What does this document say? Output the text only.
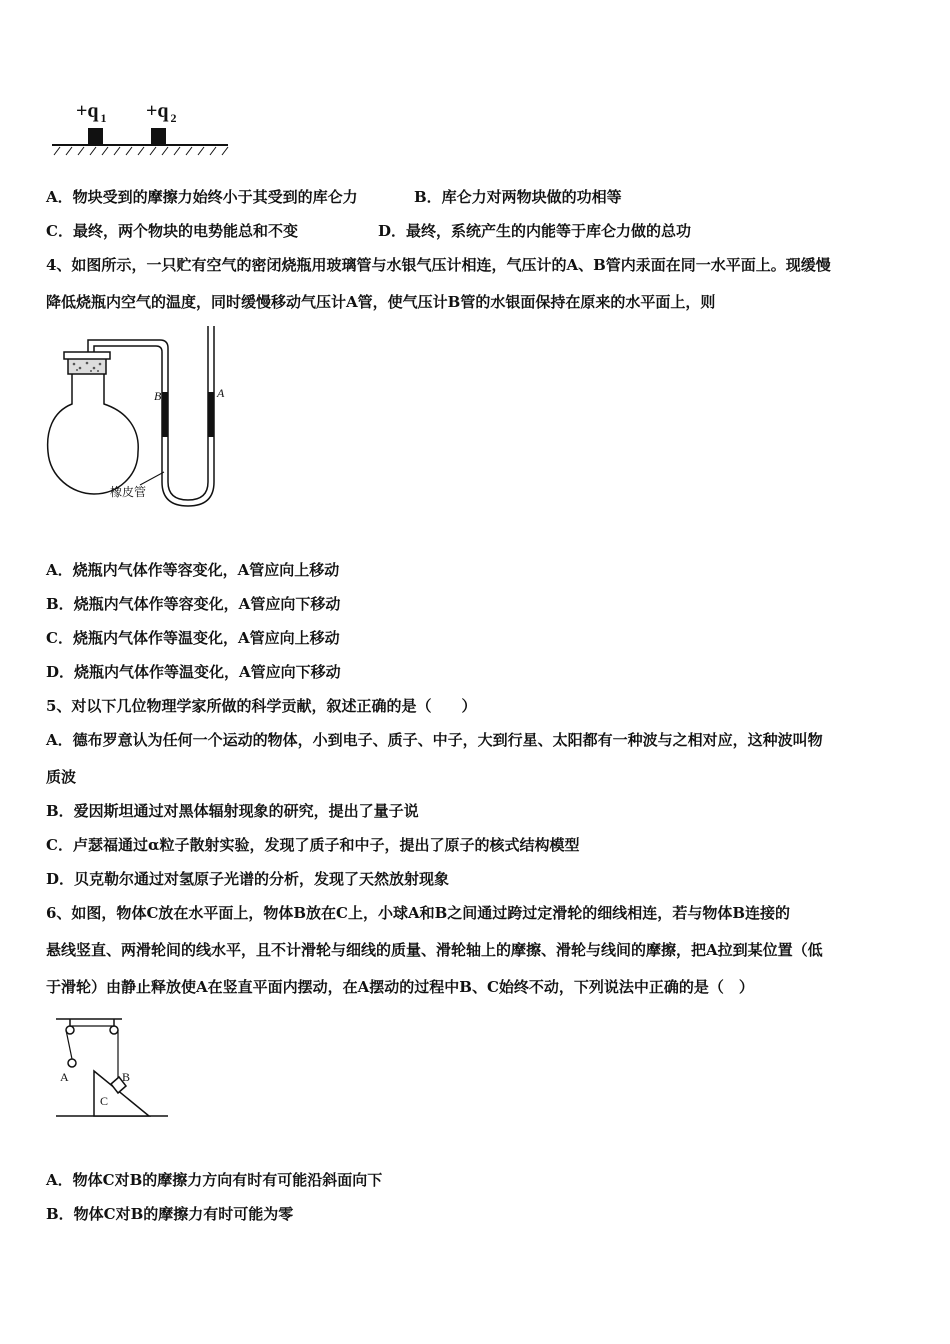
+q $_1$ +q $_2$
A．物块受到的摩擦力始终小于其受到的库仑力	B．库仑力对两物块做的功相等
C．最终，两个物块的电势能总和不变	D．最终，系统产生的内能等于库仑力做的总功
4、如图所示，一只贮有空气的密闭烧瓶用玻璃管与水银气压计相连，气压计的A、B管内汞面在同一水平面上。现缓慢
降低烧瓶内空气的温度，同时缓慢移动气压计A管，使气压计B管的水银面保持在原来的水平面上，则
B	A
橡皮管
A．烧瓶内气体作等容变化，A管应向上移动
B．烧瓶内气体作等容变化，A管应向下移动
C．烧瓶内气体作等温变化，A管应向上移动
D．烧瓶内气体作等温变化，A管应向下移动
5、对以下几位物理学家所做的科学贡献，叙述正确的是（　　）
A．德布罗意认为任何一个运动的物体，小到电子、质子、中子，大到行星、太阳都有一种波与之相对应，这种波叫物
质波
B．爱因斯坦通过对黑体辐射现象的研究，提出了量子说
C．卢瑟福通过α粒子散射实验，发现了质子和中子，提出了原子的核式结构模型
D．贝克勒尔通过对氢原子光谱的分析，发现了天然放射现象
6、如图，物体C放在水平面上，物体B放在C上，小球A和B之间通过跨过定滑轮的细线相连，若与物体B连接的
悬线竖直、两滑轮间的线水平，且不计滑轮与细线的质量、滑轮轴上的摩擦、滑轮与线间的摩擦，把A拉到某位置（低
于滑轮）由静止释放使A在竖直平面内摆动，在A摆动的过程中B、C始终不动，下列说法中正确的是（　）
A	B
C
A．物体C对B的摩擦力方向有时有可能沿斜面向下
B．物体C对B的摩擦力有时可能为零
